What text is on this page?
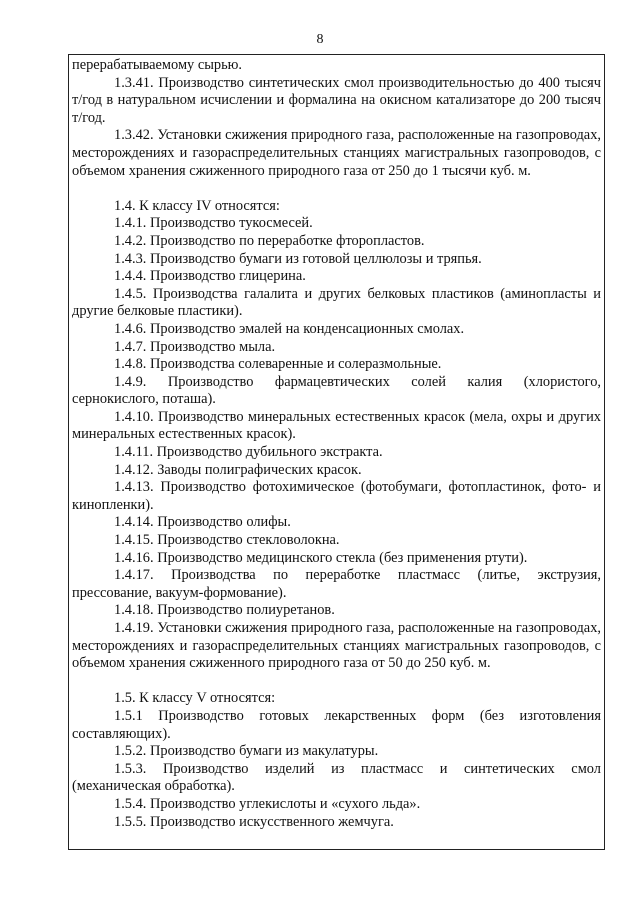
8

перерабатываемому сырью.

1.3.41. Производство синтетических смол производительностью до 400 тысяч т/год в натуральном исчислении и формалина на окисном катализаторе до 200 тысяч т/год.

1.3.42. Установки сжижения природного газа, расположенные на газопроводах, месторождениях и газораспределительных станциях магистральных газопроводов, с объемом хранения сжиженного природного газа от 250 до 1 тысячи куб. м.

1.4. К классу IV относятся:

1.4.1. Производство тукосмесей.

1.4.2. Производство по переработке фторопластов.

1.4.3. Производство бумаги из готовой целлюлозы и тряпья.

1.4.4. Производство глицерина.

1.4.5. Производства галалита и других белковых пластиков (аминопласты и другие белковые пластики).

1.4.6. Производство эмалей на конденсационных смолах.

1.4.7. Производство мыла.

1.4.8. Производства солеваренные и солеразмольные.

1.4.9. Производство фармацевтических солей калия (хлористого, сернокислого, поташа).

1.4.10. Производство минеральных естественных красок (мела, охры и других минеральных естественных красок).

1.4.11. Производство дубильного экстракта.

1.4.12. Заводы полиграфических красок.

1.4.13. Производство фотохимическое (фотобумаги, фотопластинок, фото- и кинопленки).

1.4.14. Производство олифы.

1.4.15. Производство стекловолокна.

1.4.16. Производство медицинского стекла (без применения ртути).

1.4.17. Производства по переработке пластмасс (литье, экструзия, прессование, вакуум-формование).

1.4.18. Производство полиуретанов.

1.4.19. Установки сжижения природного газа, расположенные на газопроводах, месторождениях и газораспределительных станциях магистральных газопроводов, с объемом хранения сжиженного природного газа от 50 до 250 куб. м.

1.5. К классу V относятся:

1.5.1 Производство готовых лекарственных форм (без изготовления составляющих).

1.5.2. Производство бумаги из макулатуры.

1.5.3. Производство изделий из пластмасс и синтетических смол (механическая обработка).

1.5.4. Производство углекислоты и «сухого льда».

1.5.5. Производство искусственного жемчуга.
